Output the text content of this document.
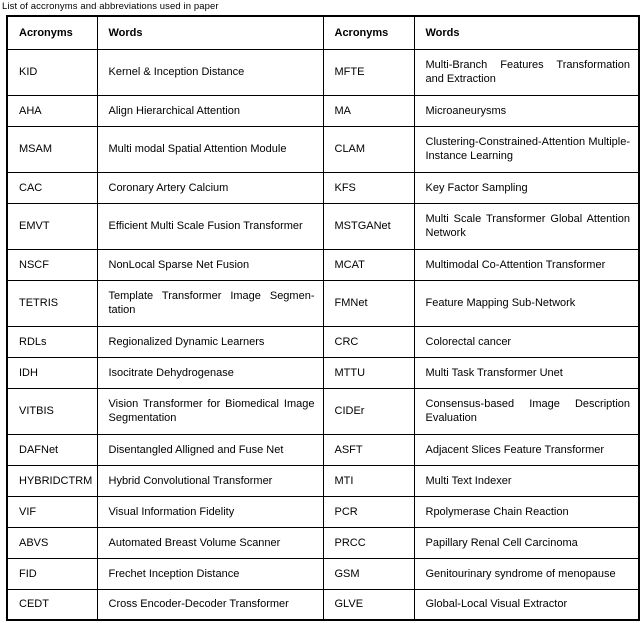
List of accronyms and abbreviations used in paper
Acronyms	Words	Acronyms	Words
KID	Kernel & Inception Distance	MFTE	Multi-Branch Features Transformation and Extraction
AHA	Align Hierarchical Attention	MA	Microaneurysms
MSAM	Multi modal Spatial Attention Module	CLAM	Clustering-Constrained-Attention Multiple-Instance Learning
CAC	Coronary Artery Calcium	KFS	Key Factor Sampling
EMVT	Efficient Multi Scale Fusion Transformer	MSTGANet	Multi Scale Transformer Global Attention Network
NSCF	NonLocal Sparse Net Fusion	MCAT	Multimodal Co-Attention Transformer
TETRIS	Template Transformer Image Segmentation	FMNet	Feature Mapping Sub-Network
RDLs	Regionalized Dynamic Learners	CRC	Colorectal cancer
IDH	Isocitrate Dehydrogenase	MTTU	Multi Task Transformer Unet
VITBIS	Vision Transformer for Biomedical Image Segmentation	CIDEr	Consensus-based Image Description Evaluation
DAFNet	Disentangled Alligned and Fuse Net	ASFT	Adjacent Slices Feature Transformer
HYBRIDCTRM	Hybrid Convolutional Transformer	MTI	Multi Text Indexer
VIF	Visual Information Fidelity	PCR	Rpolymerase Chain Reaction
ABVS	Automated Breast Volume Scanner	PRCC	Papillary Renal Cell Carcinoma
FID	Frechet Inception Distance	GSM	Genitourinary syndrome of menopause
CEDT	Cross Encoder-Decoder Transformer	GLVE	Global-Local Visual Extractor
